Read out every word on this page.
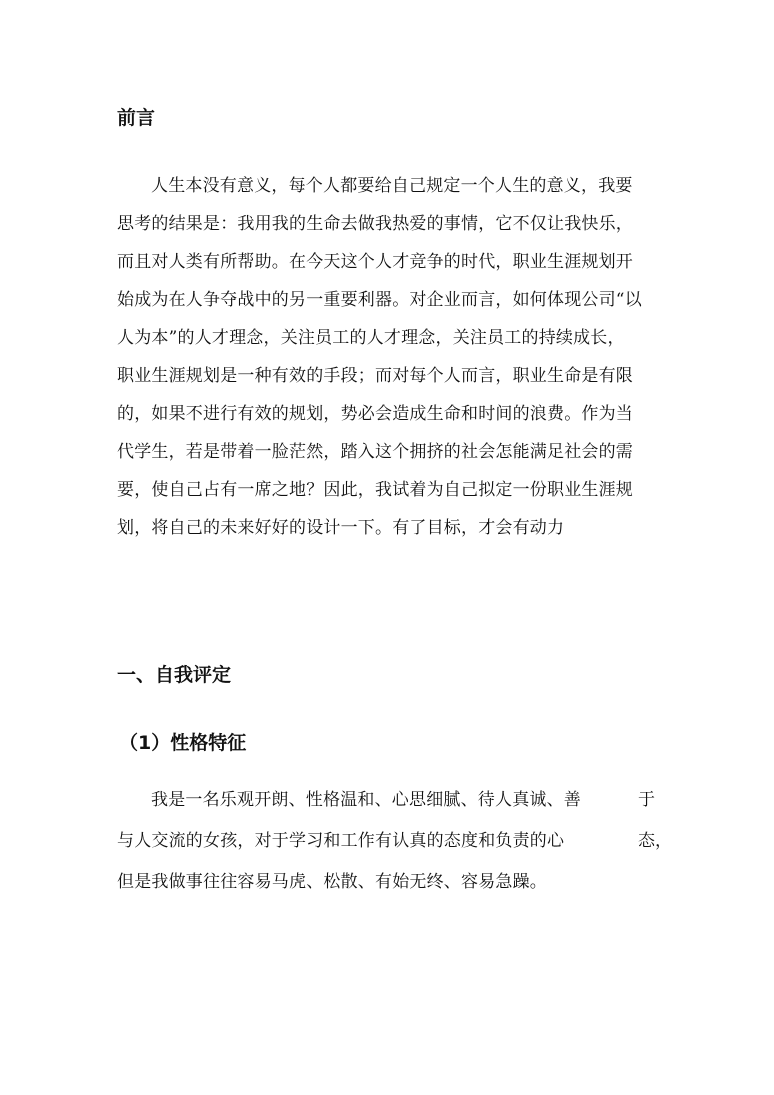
前言
人生本没有意义，每个人都要给自己规定一个人生的意义，我要
思考的结果是：我用我的生命去做我热爱的事情，它不仅让我快乐，
而且对人类有所帮助。在今天这个人才竞争的时代，职业生涯规划开
始成为在人争夺战中的另一重要利器。对企业而言，如何体现公司“以
人为本”的人才理念，关注员工的人才理念，关注员工的持续成长，
职业生涯规划是一种有效的手段；而对每个人而言，职业生命是有限
的，如果不进行有效的规划，势必会造成生命和时间的浪费。作为当
代学生，若是带着一脸茫然，踏入这个拥挤的社会怎能满足社会的需
要，使自己占有一席之地？因此，我试着为自己拟定一份职业生涯规
划，将自己的未来好好的设计一下。有了目标，才会有动力
一、自我评定
（1）性格特征
我是一名乐观开朗、性格温和、心思细腻、待人真诚、善	于
与人交流的女孩，对于学习和工作有认真的态度和负责的心	态，
但是我做事往往容易马虎、松散、有始无终、容易急躁。
